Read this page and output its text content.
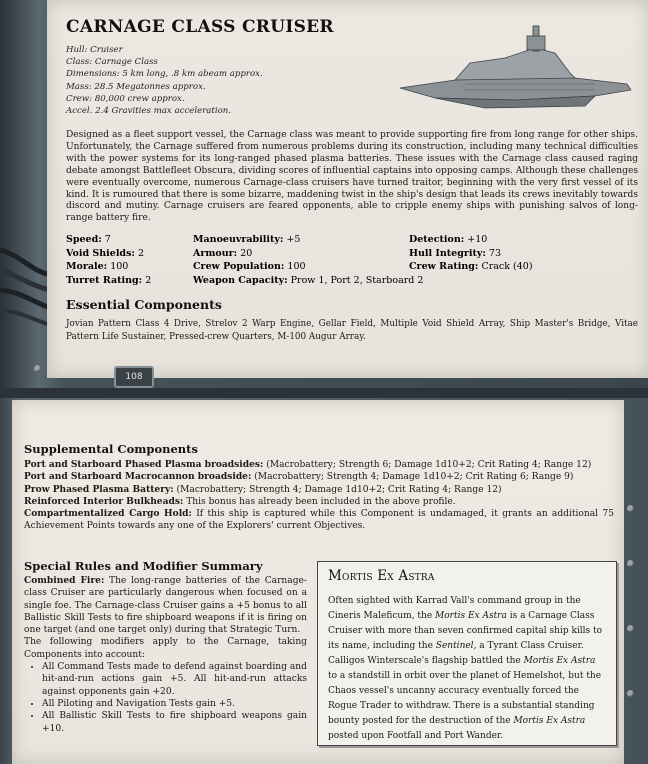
CARNAGE CLASS CRUISER
Hull: Cruiser
Class: Carnage Class
Dimensions: 5 km long, .8 km abeam approx.
Mass: 28.5 Megatonnes approx.
Crew: 80,000 crew approx.
Accel. 2.4 Gravities max acceleration.
Designed as a fleet support vessel, the Carnage class was meant to provide supporting fire from long range for other ships. Unfortunately, the Carnage suffered from numerous problems during its construction, including many technical difficulties with the power systems for its long-ranged phased plasma batteries. These issues with the Carnage class caused raging debate amongst Battlefleet Obscura, dividing scores of influential captains into opposing camps. Although these challenges were eventually overcome, numerous Carnage-class cruisers have turned traitor, beginning with the very first vessel of its kind. It is rumoured that there is some bizarre, maddening twist in the ship's design that leads its crews inevitably towards discord and mutiny. Carnage cruisers are feared opponents, able to cripple enemy ships with punishing salvos of long-range battery fire.
Speed: 7	Manoeuvrability: +5	Detection: +10
Void Shields: 2	Armour: 20	Hull Integrity: 73
Morale: 100	Crew Population: 100	Crew Rating: Crack (40)
Turret Rating: 2	Weapon Capacity: Prow 1, Port 2, Starboard 2
Essential Components
Jovian Pattern Class 4 Drive, Strelov 2 Warp Engine, Gellar Field, Multiple Void Shield Array, Ship Master's Bridge, Vitae Pattern Life Sustainer, Pressed-crew Quarters, M-100 Augur Array.
108
Supplemental Components

Port and Starboard Phased Plasma broadsides: (Macrobattery; Strength 6; Damage 1d10+2; Crit Rating 4; Range 12)

Port and Starboard Macrocannon broadside: (Macrobattery; Strength 4; Damage 1d10+2; Crit Rating 6; Range 9)

Prow Phased Plasma Battery: (Macrobattery; Strength 4; Damage 1d10+2; Crit Rating 4; Range 12)

Reinforced Interior Bulkheads: This bonus has already been included in the above profile.

Compartmentalized Cargo Hold: If this ship is captured while this Component is undamaged, it grants an additional 75 Achievement Points towards any one of the Explorers' current Objectives.

Special Rules and Modifier Summary

Combined Fire: The long-range batteries of the Carnage-class Cruiser are particularly dangerous when focused on a single foe. The Carnage-class Cruiser gains a +5 bonus to all Ballistic Skill Tests to fire shipboard weapons if it is firing on one target (and one target only) during that Strategic Turn.

The following modifiers apply to the Carnage, taking Components into account:

• All Command Tests made to defend against boarding and hit-and-run actions gain +5. All hit-and-run attacks against opponents gain +20.
• All Piloting and Navigation Tests gain +5.
• All Ballistic Skill Tests to fire shipboard weapons gain +10.
Mortis Ex Astra
Often sighted with Karrad Vall's command group in the Cineris Maleficum, the Mortis Ex Astra is a Carnage Class Cruiser with more than seven confirmed capital ship kills to its name, including the Sentinel, a Tyrant Class Cruiser. Calligos Winterscale's flagship battled the Mortis Ex Astra to a standstill in orbit over the planet of Hemelshot, but the Chaos vessel's uncanny accuracy eventually forced the Rogue Trader to withdraw. There is a substantial standing bounty posted for the destruction of the Mortis Ex Astra posted upon Footfall and Port Wander.
